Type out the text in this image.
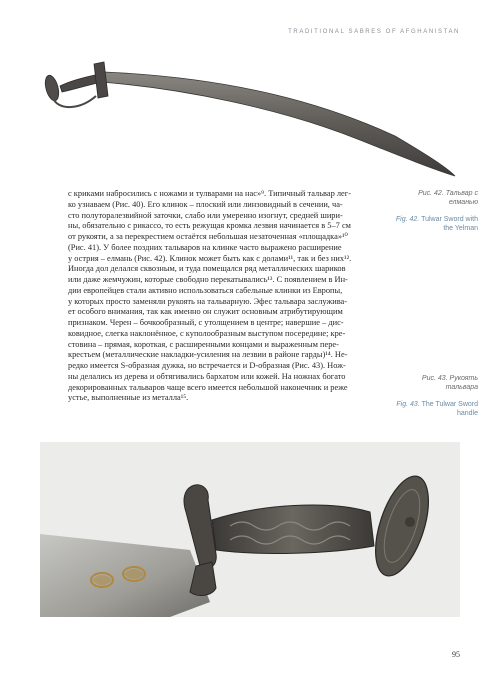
TRADITIONAL SABRES OF AFGHANISTAN
с криками набросились с ножами и тулварами на нас»⁹. Типичный тальвар лег-
ко узнаваем (Рис. 40). Его клинок – плоский или линзовидный в сечении, ча-
сто полуторалезвийной заточки, слабо или умеренно изогнут, средней шири-
ны, обязательно с рикассо, то есть режущая кромка лезвия начинается в 5–7 см
от рукояти, а за перекрестием остаётся небольшая незаточенная «площадка»¹⁰
(Рис. 41). У более поздних тальваров на клинке часто выражено расширение
у острия – елмань (Рис. 42). Клинок может быть как с долами¹¹, так и без них¹².
Иногда дол делался сквозным, и туда помещался ряд металлических шариков
или даже жемчужин, которые свободно перекатывались¹³. С появлением в Ин-
дии европейцев стали активно использоваться сабельные клинки из Европы,
у которых просто заменяли рукоять на тальварную. Эфес тальвара заслужива-
ет особого внимания, так как именно он служит основным атрибутирующим
признаком. Черен – бочкообразный, с утолщением в центре; навершие – дис-
ковидное, слегка наклонённое, с куполообразным выступом посередине; кре-
стовина – прямая, короткая, с расширенными концами и выраженным пере-
крестьем (металлические накладки-усиления на лезвии в районе гарды)¹⁴. Не-
редко имеется S-образная дужка, но встречается и D-образная (Рис. 43). Нож-
ны делались из дерева и обтягивались бархатом или кожей. На ножнах богато
декорированных тальваров чаще всего имеется небольшой наконечник и реже
устье, выполненные из металла¹⁵.
Рис. 42. Тальвар с елманью
Fig. 42. Tulwar Sword with the Yelman
Рис. 43. Рукоять тальвара
Fig. 43. The Tulwar Sword handle
95
